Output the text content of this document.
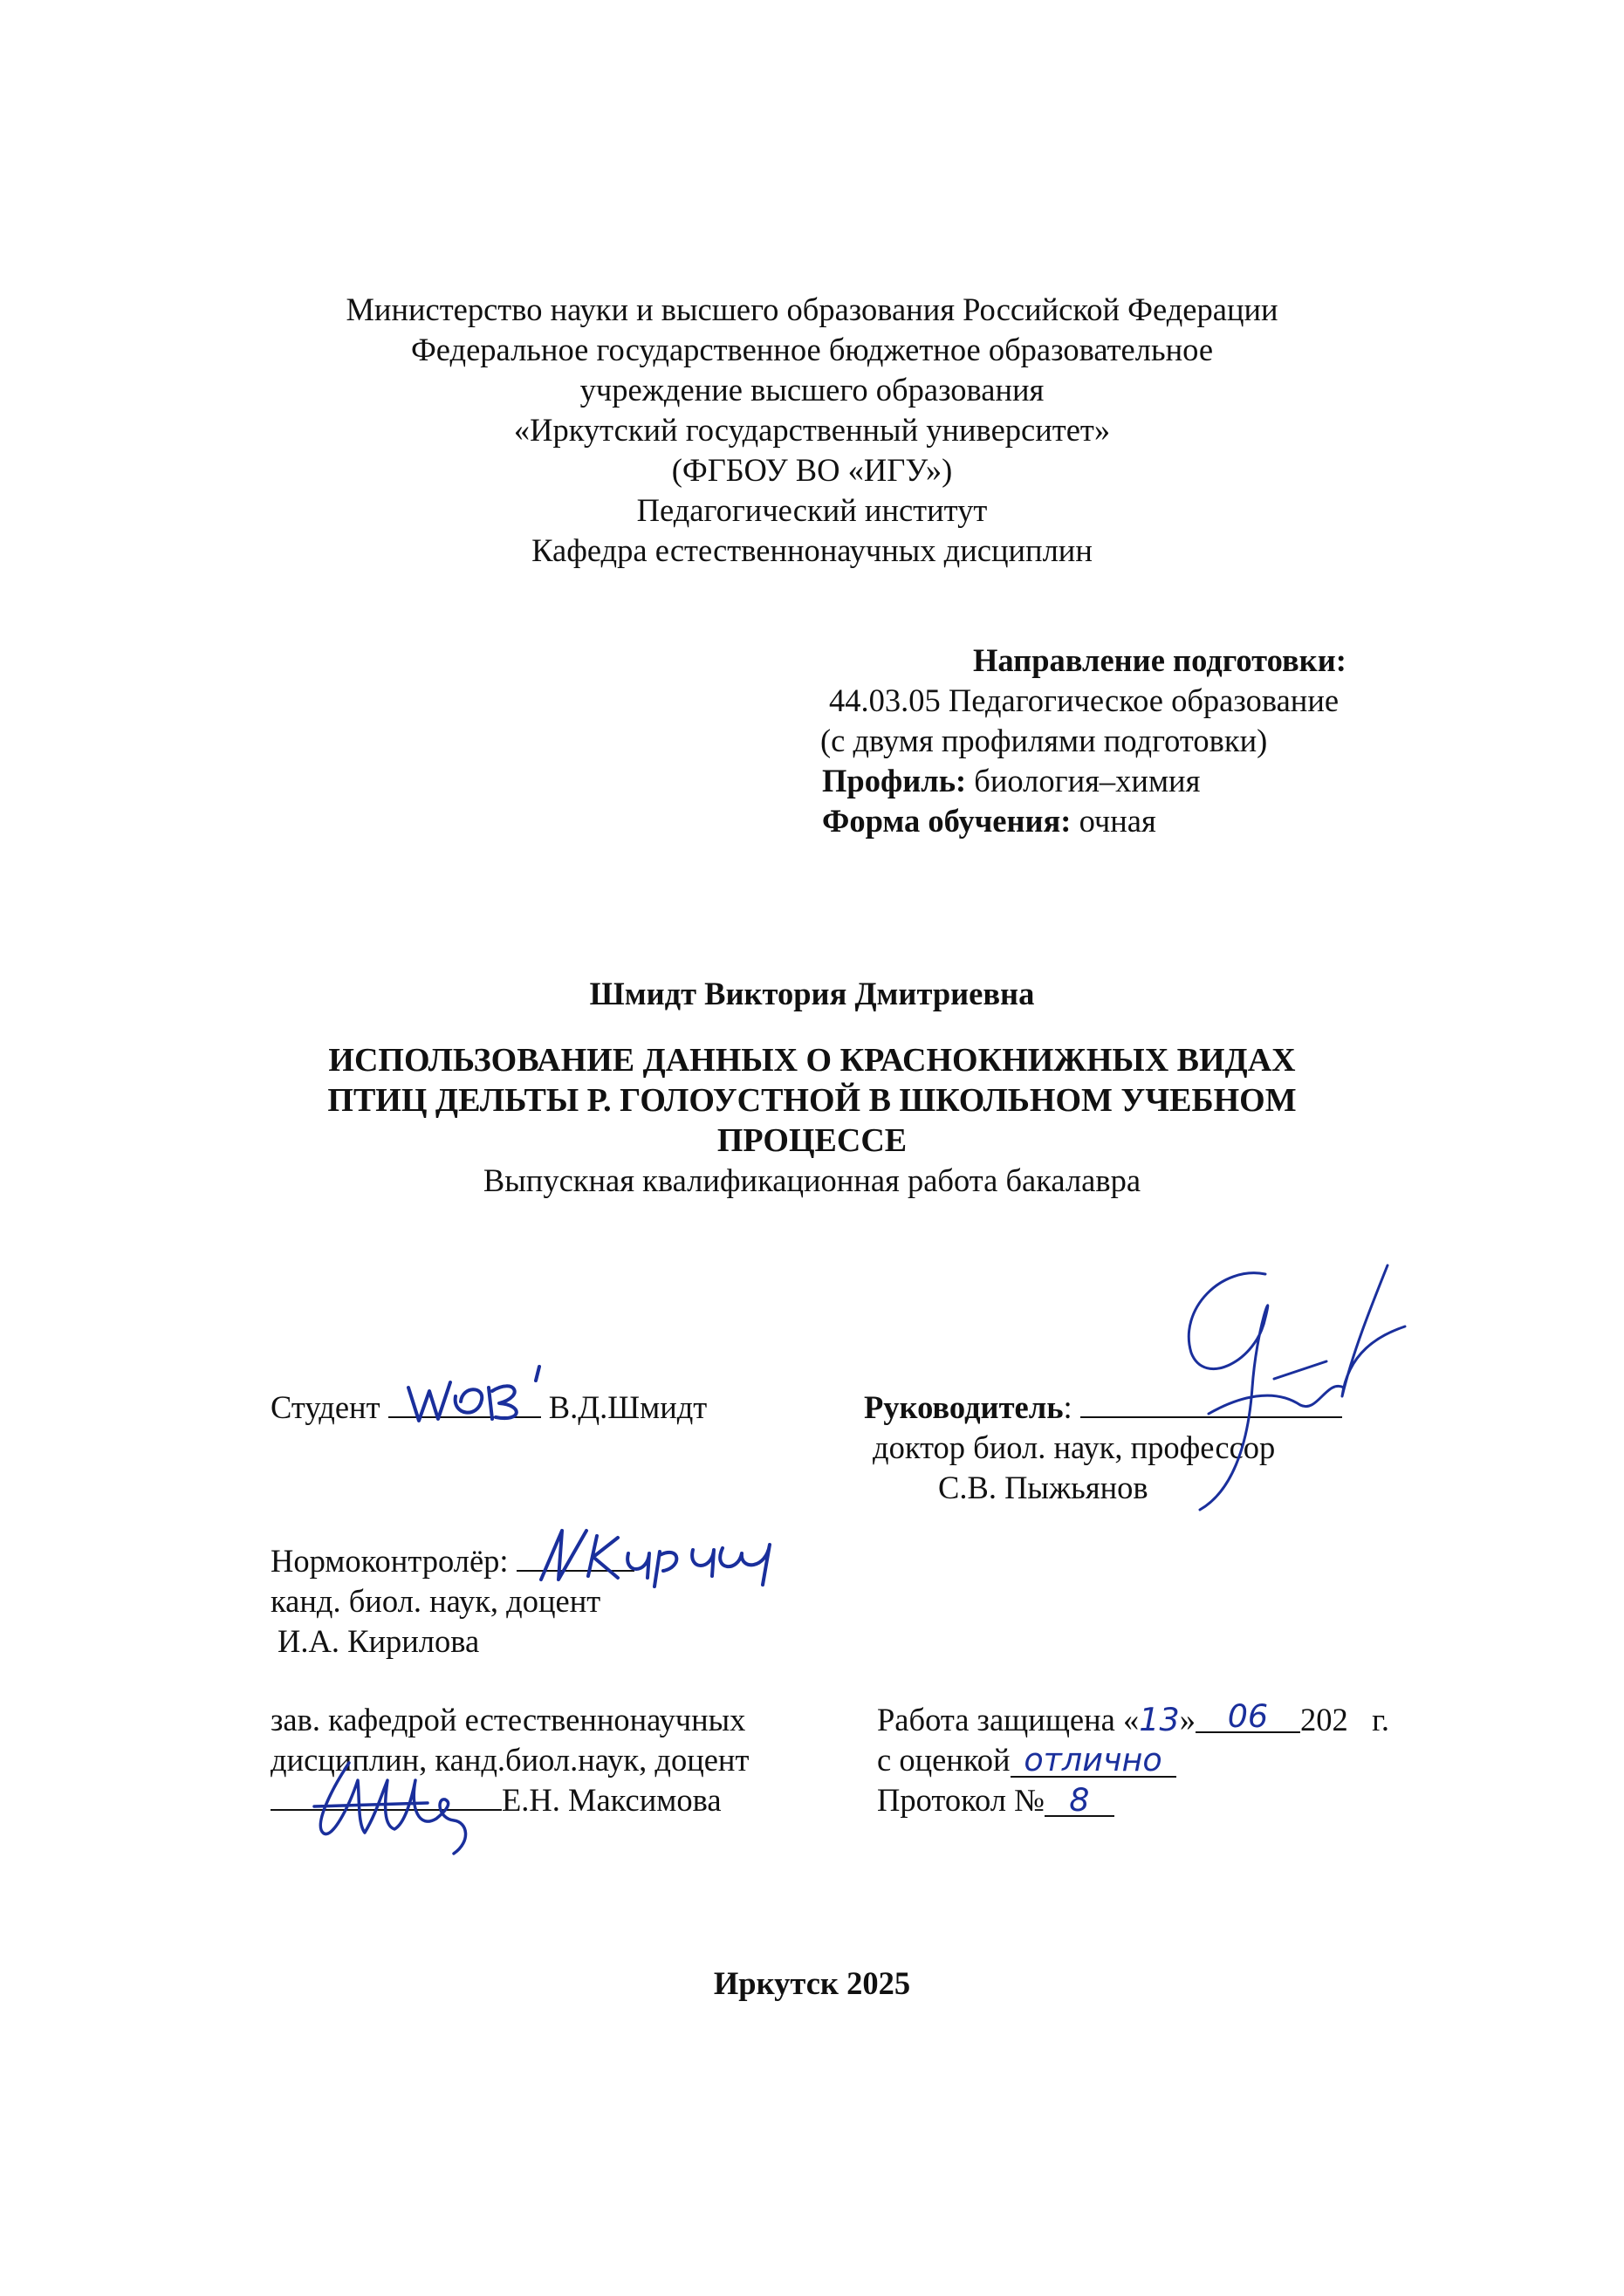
Министерство науки и высшего образования Российской Федерации
Федеральное государственное бюджетное образовательное
учреждение высшего образования
«Иркутский государственный университет»
(ФГБОУ ВО «ИГУ»)
Педагогический институт
Кафедра естественнонаучных дисциплин
Направление подготовки:
44.03.05 Педагогическое образование
(с двумя профилями подготовки)
Профиль: биология–химия
Форма обучения: очная
Шмидт Виктория Дмитриевна
ИСПОЛЬЗОВАНИЕ ДАННЫХ О КРАСНОКНИЖНЫХ ВИДАХ
ПТИЦ ДЕЛЬТЫ Р. ГОЛОУСТНОЙ В ШКОЛЬНОМ УЧЕБНОМ
ПРОЦЕССЕ
Выпускная квалификационная работа бакалавра
Студент	В.Д.Шмидт	Руководитель:
доктор биол. наук, профессор
С.В. Пыжьянов
Нормоконтролёр:
канд. биол. наук, доцент
И.А. Кирилова
зав. кафедрой естественнонаучных
дисциплин, канд.биол.наук, доцент
Е.Н. Максимова
Работа защищена «13» 06 202 г.
с оценкой отлично
Протокол № 8
Иркутск 2025
